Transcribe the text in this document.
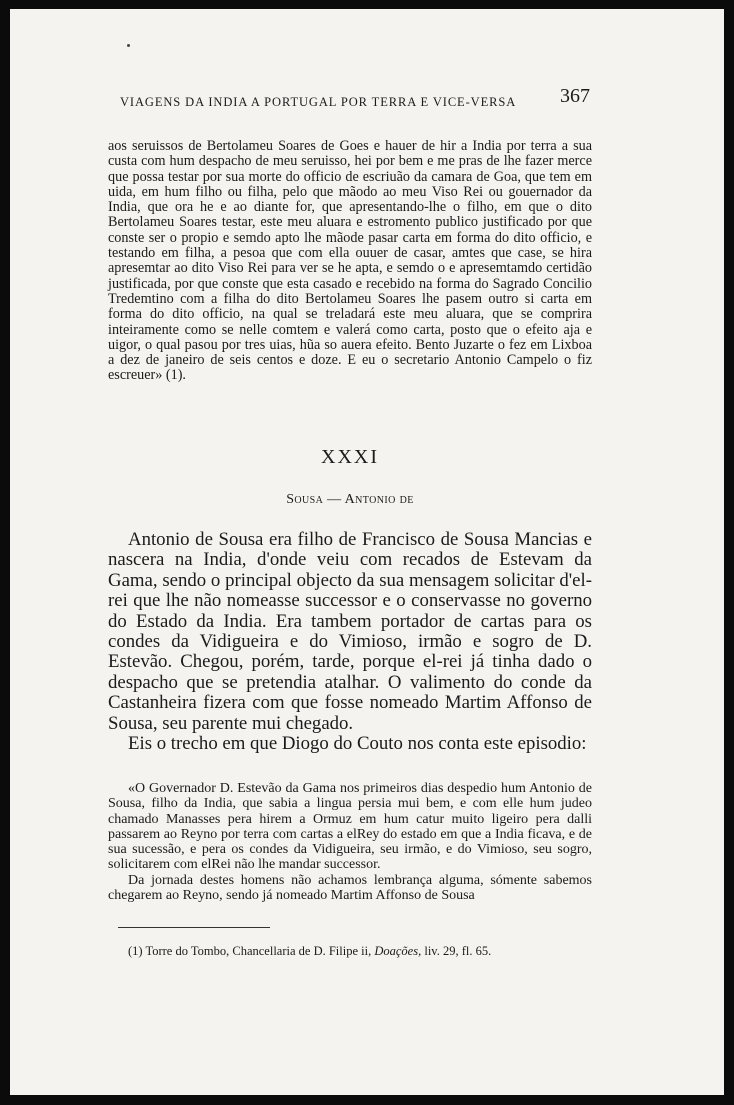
VIAGENS DA INDIA A PORTUGAL POR TERRA E VICE-VERSA 367

aos seruissos de Bertolameu Soares de Goes e hauer de hir a India por terra a sua custa com hum despacho de meu seruisso, hei por bem e me pras de lhe fazer merce que possa testar por sua morte do officio de escriuão da camara de Goa, que tem em uida, em hum filho ou filha, pelo que mãodo ao meu Viso Rei ou gouernador da India, que ora he e ao diante for, que apresentando-lhe o filho, em que o dito Bertolameu Soares testar, este meu aluara e estromento publico justificado por que conste ser o propio e semdo apto lhe mãode pasar carta em forma do dito officio, e testando em filha, a pesoa que com ella ouuer de casar, amtes que case, se hira apresemtar ao dito Viso Rei para ver se he apta, e semdo o e apresemtamdo certidão justificada, por que conste que esta casado e recebido na forma do Sagrado Concilio Tredemtino com a filha do dito Bertolameu Soares lhe pasem outro si carta em forma do dito officio, na qual se treladará este meu aluara, que se comprira inteiramente como se nelle comtem e valerá como carta, posto que o efeito aja e uigor, o qual pasou por tres uias, hũa so auera efeito. Bento Juzarte o fez em Lixboa a dez de janeiro de seis centos e doze. E eu o secretario Antonio Campelo o fiz escreuer» (1).

XXXI
Sousa — Antonio de

Antonio de Sousa era filho de Francisco de Sousa Mancias e nascera na India, d'onde veiu com recados de Estevam da Gama, sendo o principal objecto da sua mensagem solicitar d'el-rei que lhe não nomeasse successor e o conservasse no governo do Estado da India. Era tambem portador de cartas para os condes da Vidigueira e do Vimioso, irmão e sogro de D. Estevão. Chegou, porém, tarde, porque el-rei já tinha dado o despacho que se pretendia atalhar. O valimento do conde da Castanheira fizera com que fosse nomeado Martim Affonso de Sousa, seu parente mui chegado.

Eis o trecho em que Diogo do Couto nos conta este episodio:

«O Governador D. Estevão da Gama nos primeiros dias despedio hum Antonio de Sousa, filho da India, que sabia a lingua persia mui bem, e com elle hum judeo chamado Manasses pera hirem a Ormuz em hum catur muito ligeiro pera dalli passarem ao Reyno por terra com cartas a elRey do estado em que a India ficava, e de sua sucessão, e pera os condes da Vidigueira, seu irmão, e do Vimioso, seu sogro, solicitarem com elRei não lhe mandar successor.

Da jornada destes homens não achamos lembrança alguma, sómente sabemos chegarem ao Reyno, sendo já nomeado Martim Affonso de Sousa

(1) Torre do Tombo, Chancellaria de D. Filipe ii, Doações, liv. 29, fl. 65.
